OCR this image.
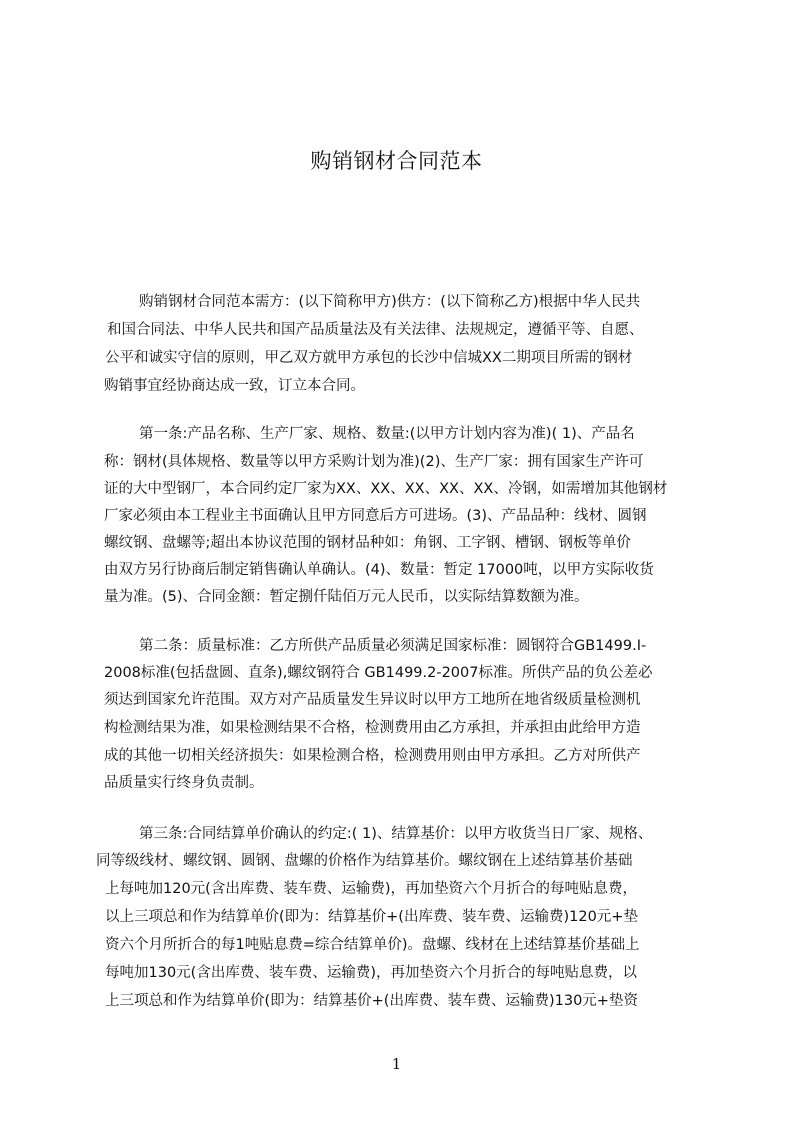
购销钢材合同范本
购销钢材合同范本需方：(以下简称甲方)供方：(以下简称乙方)根据中华人民共
和国合同法、中华人民共和国产品质量法及有关法律、法规规定，遵循平等、自愿、
公平和诚实守信的原则，甲乙双方就甲方承包的长沙中信城XX二期项目所需的钢材
购销事宜经协商达成一致，订立本合同。
第一条:产品名称、生产厂家、规格、数量:(以甲方计划内容为准)( 1)、产品名
称：钢材(具体规格、数量等以甲方采购计划为准)(2)、生产厂家：拥有国家生产许可
证的大中型钢厂，本合同约定厂家为XX、XX、XX、XX、XX、冷钢，如需增加其他钢材
厂家必须由本工程业主书面确认且甲方同意后方可进场。(3)、产品品种：线材、圆钢
螺纹钢、盘螺等;超出本协议范围的钢材品种如：角钢、工字钢、槽钢、钢板等单价
由双方另行协商后制定销售确认单确认。(4)、数量：暂定 17000吨，以甲方实际收货
量为准。(5)、合同金额：暂定捌仟陆佰万元人民币，以实际结算数额为准。
第二条：质量标准：乙方所供产品质量必须满足国家标准：圆钢符合GB1499.I-
2008标准(包括盘圆、直条),螺纹钢符合 GB1499.2-2007标准。所供产品的负公差必
须达到国家允许范围。双方对产品质量发生异议时以甲方工地所在地省级质量检测机
构检测结果为准，如果检测结果不合格，检测费用由乙方承担，并承担由此给甲方造
成的其他一切相关经济损失：如果检测合格，检测费用则由甲方承担。乙方对所供产
品质量实行终身负责制。
第三条:合同结算单价确认的约定:( 1)、结算基价：以甲方收货当日厂家、规格、
同等级线材、螺纹钢、圆钢、盘螺的价格作为结算基价。螺纹钢在上述结算基价基础
上每吨加120元(含出库费、装车费、运输费)，再加垫资六个月折合的每吨贴息费，
以上三项总和作为结算单价(即为：结算基价+(出库费、装车费、运输费)120元+垫
资六个月所折合的每1吨贴息费=综合结算单价)。盘螺、线材在上述结算基价基础上
每吨加130元(含出库费、装车费、运输费)，再加垫资六个月折合的每吨贴息费，以
上三项总和作为结算单价(即为：结算基价+(出库费、装车费、运输费)130元+垫资
1
